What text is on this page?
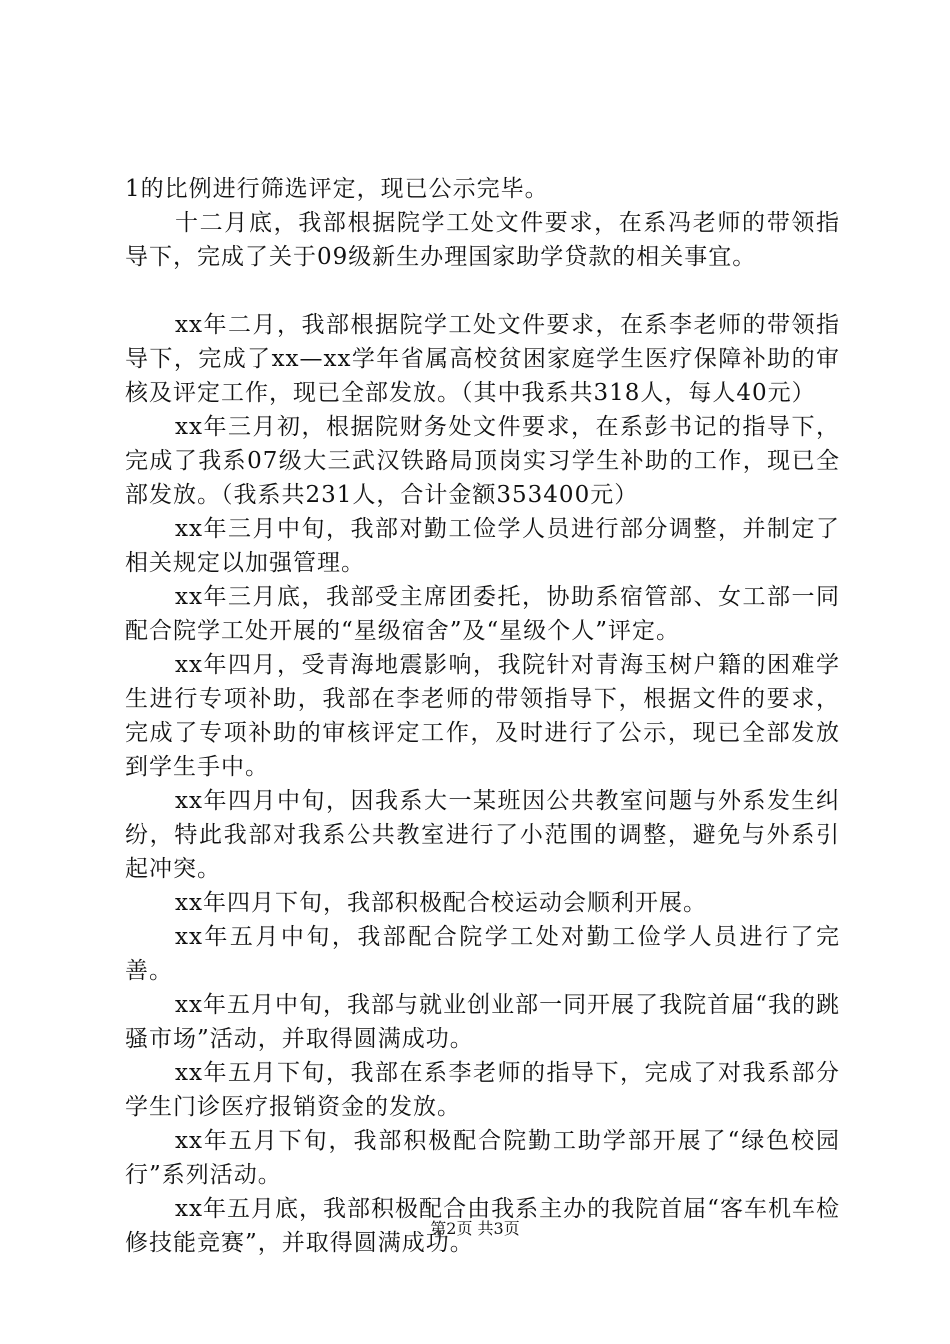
1的比例进行筛选评定，现已公示完毕。

十二月底，我部根据院学工处文件要求，在系冯老师的带领指导下，完成了关于09级新生办理国家助学贷款的相关事宜。

xx年二月，我部根据院学工处文件要求，在系李老师的带领指导下，完成了xx—xx学年省属高校贫困家庭学生医疗保障补助的审核及评定工作，现已全部发放。（其中我系共318人，每人40元）

xx年三月初，根据院财务处文件要求，在系彭书记的指导下，完成了我系07级大三武汉铁路局顶岗实习学生补助的工作，现已全部发放。（我系共231人，合计金额353400元）

xx年三月中旬，我部对勤工俭学人员进行部分调整，并制定了相关规定以加强管理。

xx年三月底，我部受主席团委托，协助系宿管部、女工部一同配合院学工处开展的“星级宿舍”及“星级个人”评定。

xx年四月，受青海地震影响，我院针对青海玉树户籍的困难学生进行专项补助，我部在李老师的带领指导下，根据文件的要求，完成了专项补助的审核评定工作，及时进行了公示，现已全部发放到学生手中。

xx年四月中旬，因我系大一某班因公共教室问题与外系发生纠纷，特此我部对我系公共教室进行了小范围的调整，避免与外系引起冲突。

xx年四月下旬，我部积极配合校运动会顺利开展。

xx年五月中旬，我部配合院学工处对勤工俭学人员进行了完善。

xx年五月中旬，我部与就业创业部一同开展了我院首届“我的跳骚市场”活动，并取得圆满成功。

xx年五月下旬，我部在系李老师的指导下，完成了对我系部分学生门诊医疗报销资金的发放。

xx年五月下旬，我部积极配合院勤工助学部开展了“绿色校园行”系列活动。

xx年五月底，我部积极配合由我系主办的我院首届“客车机车检修技能竞赛”，并取得圆满成功。

第2页 共3页
